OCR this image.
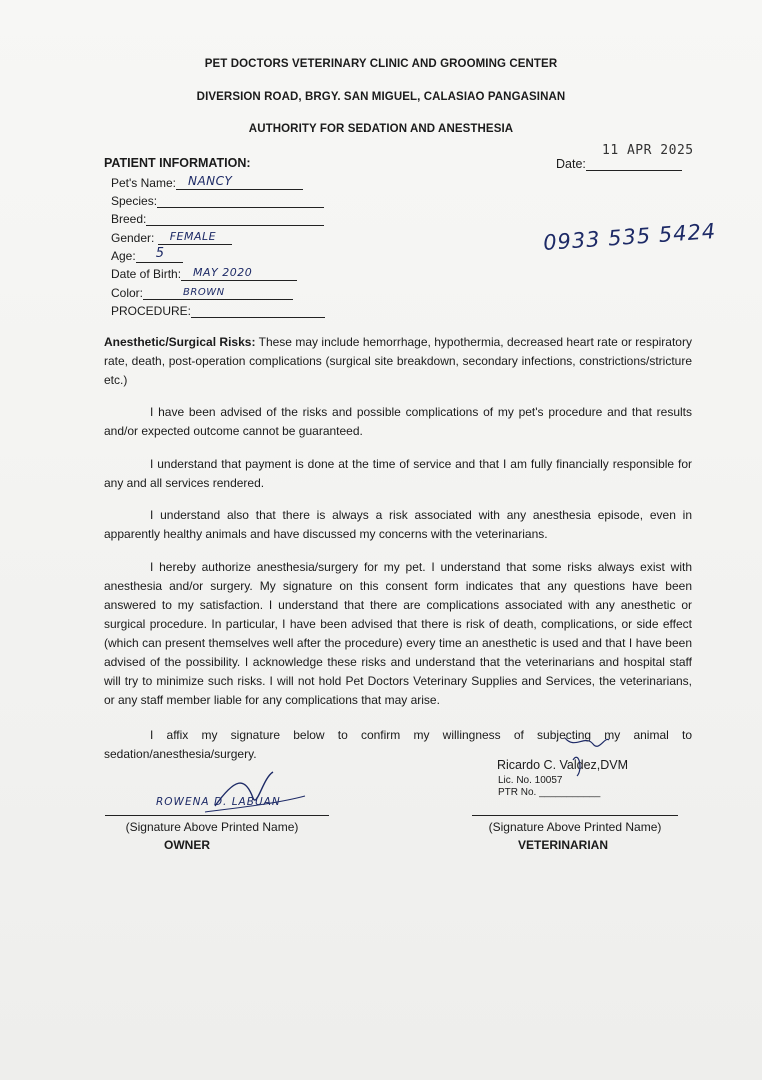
PET DOCTORS VETERINARY CLINIC AND GROOMING CENTER
DIVERSION ROAD, BRGY. SAN MIGUEL, CALASIAO PANGASINAN
AUTHORITY FOR SEDATION AND ANESTHESIA
11 APR 2025
Date:
PATIENT INFORMATION:
Pet's Name: NANCY
Species:
Breed:
Gender: FEMALE
Age: 5
Date of Birth: MAY 2020
Color:	BROWN
PROCEDURE:
0933 535 5424
Anesthetic/Surgical Risks: These may include hemorrhage, hypothermia, decreased heart rate or respiratory rate, death, post-operation complications (surgical site breakdown, secondary infections, constrictions/stricture etc.)
I have been advised of the risks and possible complications of my pet's procedure and that results and/or expected outcome cannot be guaranteed.
I understand that payment is done at the time of service and that I am fully financially responsible for any and all services rendered.
I understand also that there is always a risk associated with any anesthesia episode, even in apparently healthy animals and have discussed my concerns with the veterinarians.
I hereby authorize anesthesia/surgery for my pet. I understand that some risks always exist with anesthesia and/or surgery. My signature on this consent form indicates that any questions have been answered to my satisfaction. I understand that there are complications associated with any anesthetic or surgical procedure. In particular, I have been advised that there is risk of death, complications, or side effect (which can present themselves well after the procedure) every time an anesthetic is used and that I have been advised of the possibility. I acknowledge these risks and understand that the veterinarians and hospital staff will try to minimize such risks. I will not hold Pet Doctors Veterinary Supplies and Services, the veterinarians, or any staff member liable for any complications that may arise.
I affix my signature below to confirm my willingness of subjecting my animal to sedation/anesthesia/surgery.
Ricardo C. Valdez,DVM
Lic. No. 10057
PTR No. ___________
ROWENA D. LABUAN
(Signature Above Printed Name)
OWNER
(Signature Above Printed Name)
VETERINARIAN
